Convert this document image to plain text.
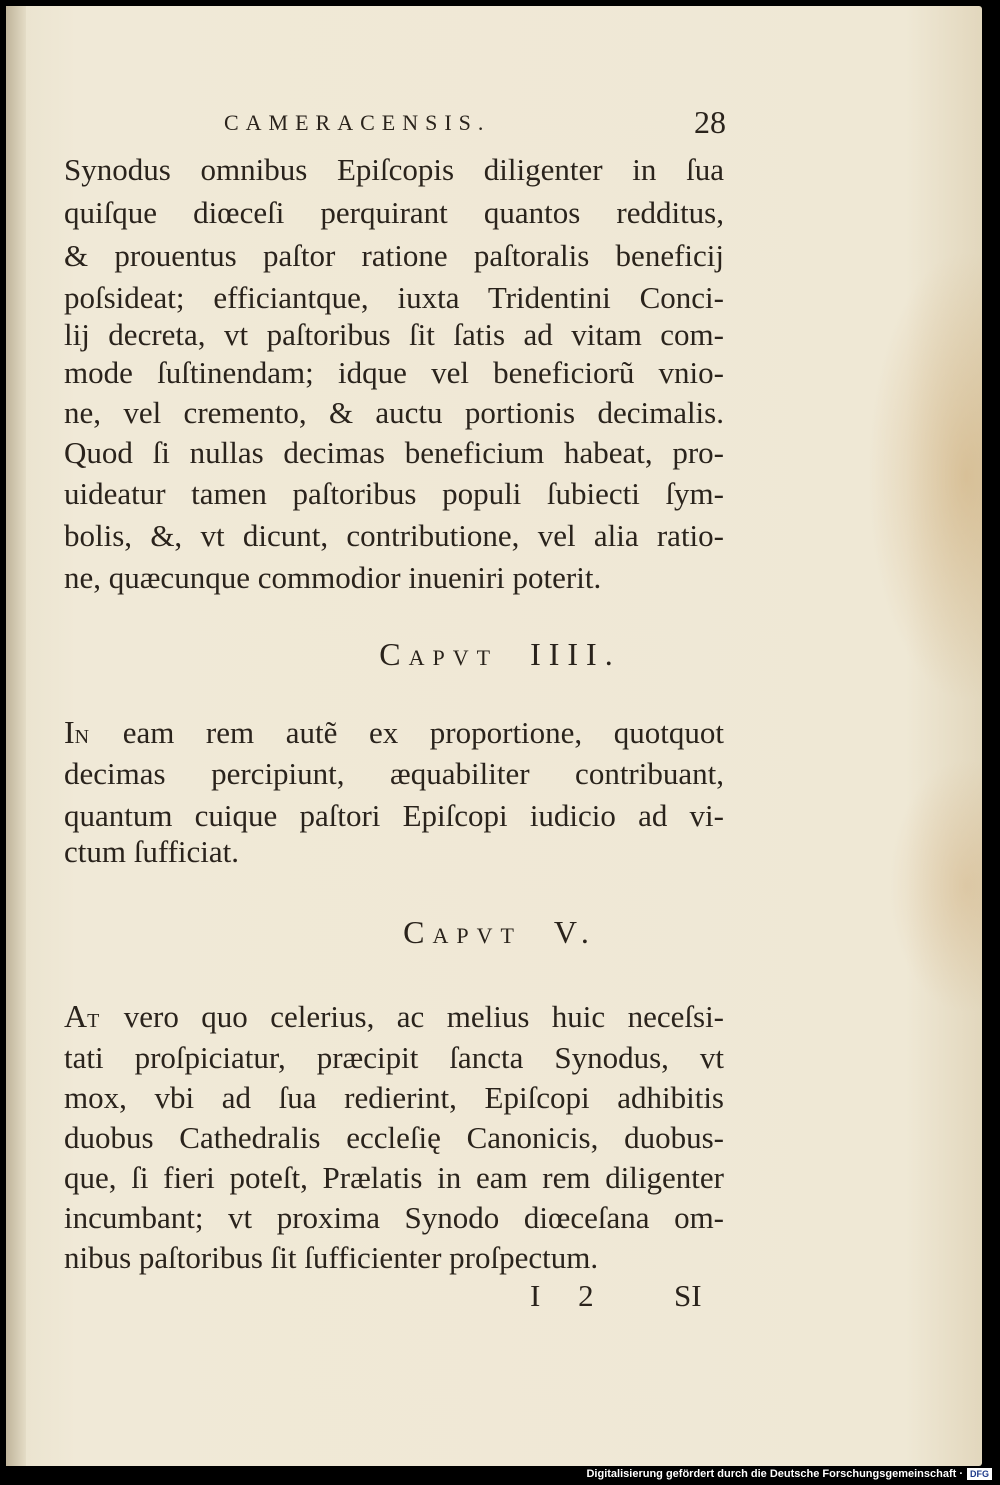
CAMERACENSIS.	28
Synodus omnibus Epiſcopis diligenter in ſua
quiſque diœceſi perquirant quantos redditus,
& prouentus paſtor ratione paſtoralis beneficij
poſsideat; efficiantque, iuxta Tridentini Conci-
lij decreta, vt paſtoribus ſit ſatis ad vitam com-
mode ſuſtinendam; idque vel beneficiorũ vnio-
ne, vel cremento, & auctu portionis decimalis.
Quod ſi nullas decimas beneficium habeat, pro-
uideatur tamen paſtoribus populi ſubiecti ſym-
bolis, &, vt dicunt, contributione, vel alia ratio-
ne, quæcunque commodior inueniri poterit.
CAPVT IIII.
IN eam rem autẽ ex proportione, quotquot
decimas percipiunt, æquabiliter contribuant,
quantum cuique paſtori Epiſcopi iudicio ad vi-
ctum ſufficiat.
CAPVT V.
AT vero quo celerius, ac melius huic neceſsi-
tati proſpiciatur, præcipit ſancta Synodus, vt
mox, vbi ad ſua redierint, Epiſcopi adhibitis
duobus Cathedralis eccleſię Canonicis, duobus-
que, ſi fieri poteſt, Prælatis in eam rem diligenter
incumbant; vt proxima Synodo diœceſana om-
nibus paſtoribus ſit ſufficienter proſpectum.
I 2	SI
Digitalisierung gefördert durch die Deutsche Forschungsgemeinschaft · DFG
